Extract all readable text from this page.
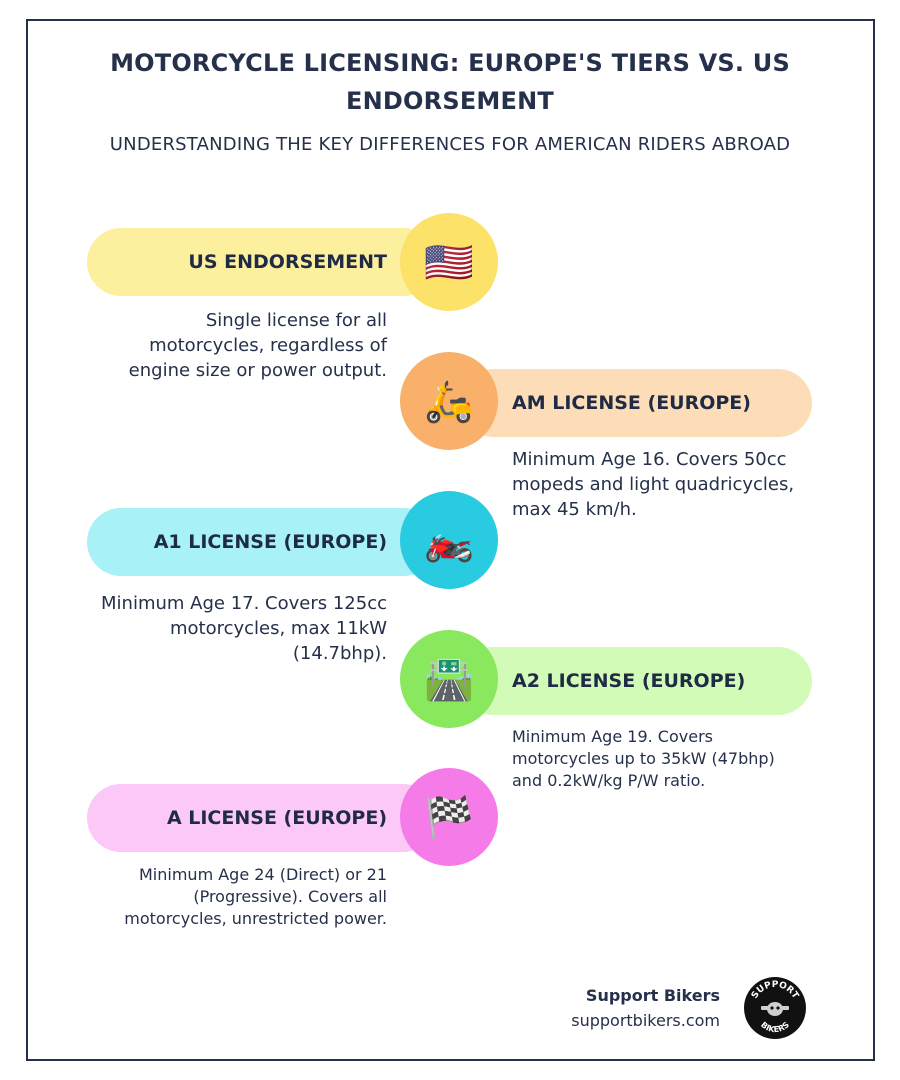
MOTORCYCLE LICENSING: EUROPE'S TIERS VS. US ENDORSEMENT
UNDERSTANDING THE KEY DIFFERENCES FOR AMERICAN RIDERS ABROAD
US ENDORSEMENT 🇺🇸
Single license for all motorcycles, regardless of engine size or power output.
AM LICENSE (EUROPE)
🛵
Minimum Age 16. Covers 50cc mopeds and light quadricycles, max 45 km/h.
A1 LICENSE (EUROPE) 🏍️
Minimum Age 17. Covers 125cc motorcycles, max 11kW (14.7bhp).
A2 LICENSE (EUROPE)
🛣️
Minimum Age 19. Covers motorcycles up to 35kW (47bhp) and 0.2kW/kg P/W ratio.
A LICENSE (EUROPE) 🏁
Minimum Age 24 (Direct) or 21 (Progressive). Covers all motorcycles, unrestricted power.
Support Bikers
supportbikers.com
SUPPORT
BIKERS
